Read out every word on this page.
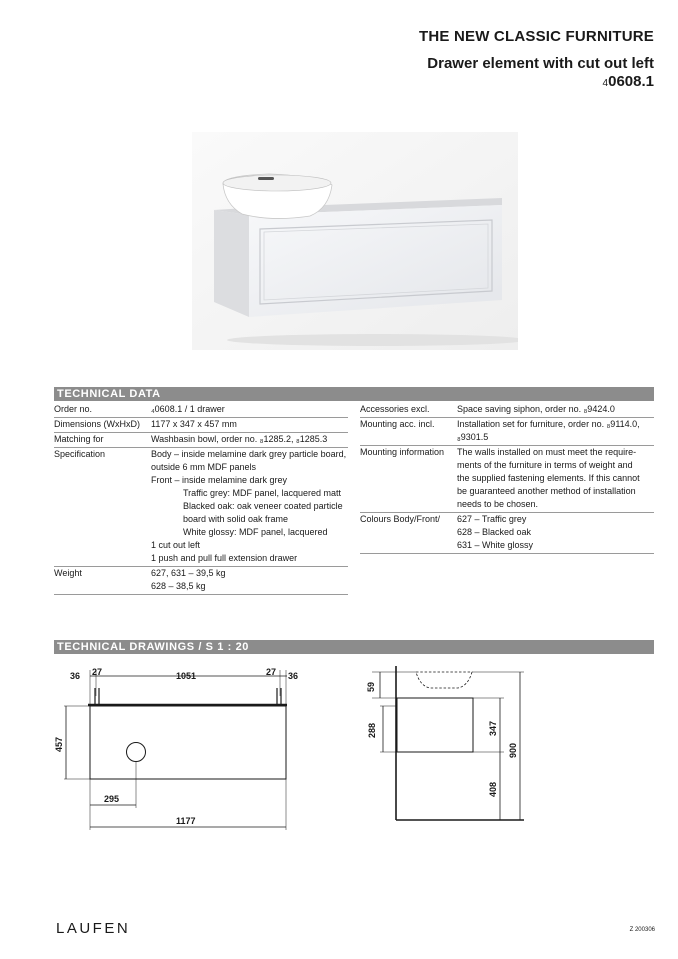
THE NEW CLASSIC FURNITURE
Drawer element with cut out left
40608.1
TECHNICAL DATA
Order no.	₄0608.1 / 1 drawer
Dimensions (WxHxD)	1177 x 347 x 457 mm
Matching for	Washbasin bowl, order no. ₈1285.2, ₈1285.3
Specification	Body – inside melamine dark grey particle board,
outside 6 mm MDF panels
Front – inside melamine dark grey
Traffic grey: MDF panel, lacquered matt
Blacked oak: oak veneer coated particle
board with solid oak frame
White glossy: MDF panel, lacquered
1 cut out left
1 push and pull full extension drawer
Weight	627, 631 – 39,5 kg
628 – 38,5 kg
Accessories excl.	Space saving siphon, order no. ₈9424.0
Mounting acc. incl.	Installation set for furniture, order no. ₈9114.0,
₈9301.5
Mounting information	The walls installed on must meet the require-
ments of the furniture in terms of weight and
the supplied fastening elements. If this cannot
be guaranteed another method of installation
needs to be chosen.
Colours Body/Front/	627 – Traffic grey
628 – Blacked oak
631 – White glossy
TECHNICAL DRAWINGS / S 1 : 20
36 27	1051	27 36
457
295
1177
59
288	347
408
900
LAUFEN	Z 200306
